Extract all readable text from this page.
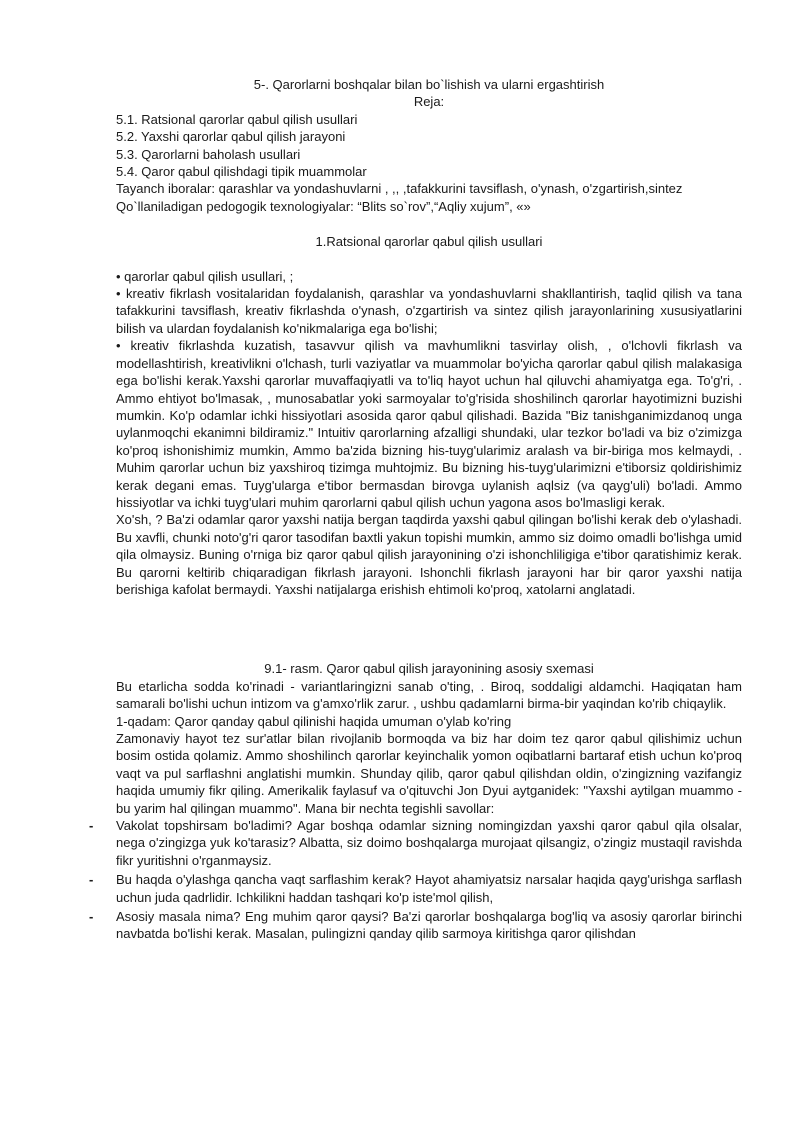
5-. Qarorlarni boshqalar bilan bo`lishish va ularni ergashtirish

Reja:

5.1. Ratsional qarorlar qabul qilish usullari

5.2. Yaxshi qarorlar qabul qilish jarayoni

5.3. Qarorlarni baholash usullari

5.4. Qaror qabul qilishdagi tipik muammolar

Tayanch iboralar: qarashlar va yondashuvlarni , ,, ,tafakkurini tavsiflash, o'ynash, o'zgartirish,sintez

Qo`llaniladigan pedogogik texnologiyalar: “Blits so`rov”,“Aqliy xujum”, «»

1.Ratsional qarorlar qabul qilish usullari

• qarorlar qabul qilish usullari, ;

• kreativ fikrlash vositalaridan foydalanish, qarashlar va yondashuvlarni shakllantirish, taqlid qilish va tana tafakkurini tavsiflash, kreativ fikrlashda o'ynash, o'zgartirish va sintez qilish jarayonlarining xususiyatlarini bilish va ulardan foydalanish ko'nikmalariga ega bo'lishi;

• kreativ fikrlashda kuzatish, tasavvur qilish va mavhumlikni tasvirlay olish, , o'lchovli fikrlash va modellashtirish, kreativlikni o'lchash, turli vaziyatlar va muammolar bo'yicha qarorlar qabul qilish malakasiga ega bo'lishi kerak.Yaxshi qarorlar muvaffaqiyatli va to'liq hayot uchun hal qiluvchi ahamiyatga ega. To'g'ri, . Ammo ehtiyot bo'lmasak, , munosabatlar yoki sarmoyalar to'g'risida shoshilinch qarorlar hayotimizni buzishi mumkin. Ko'p odamlar ichki hissiyotlari asosida qaror qabul qilishadi. Bazida "Biz tanishganimizdanoq unga uylanmoqchi ekanimni bildiramiz." Intuitiv qarorlarning afzalligi shundaki, ular tezkor bo'ladi va biz o'zimizga ko'proq ishonishimiz mumkin, Ammo ba'zida bizning his-tuyg'ularimiz aralash va bir-biriga mos kelmaydi, . Muhim qarorlar uchun biz yaxshiroq tizimga muhtojmiz. Bu bizning his-tuyg'ularimizni e'tiborsiz qoldirishimiz kerak degani emas. Tuyg'ularga e'tibor bermasdan birovga uylanish aqlsiz (va qayg'uli) bo'ladi. Ammo hissiyotlar va ichki tuyg'ulari muhim qarorlarni qabul qilish uchun yagona asos bo'lmasligi kerak.

Xo'sh, ? Ba'zi odamlar qaror yaxshi natija bergan taqdirda yaxshi qabul qilingan bo'lishi kerak deb o'ylashadi. Bu xavfli, chunki noto'g'ri qaror tasodifan baxtli yakun topishi mumkin, ammo siz doimo omadli bo'lishga umid qila olmaysiz. Buning o'rniga biz qaror qabul qilish jarayonining o'zi ishonchliligiga e'tibor qaratishimiz kerak. Bu qarorni keltirib chiqaradigan fikrlash jarayoni. Ishonchli fikrlash jarayoni har bir qaror yaxshi natija berishiga kafolat bermaydi. Yaxshi natijalarga erishish ehtimoli ko'proq, xatolarni anglatadi.

9.1- rasm. Qaror qabul qilish jarayonining asosiy sxemasi

Bu etarlicha sodda ko'rinadi - variantlaringizni sanab o'ting, . Biroq, soddaligi aldamchi. Haqiqatan ham samarali bo'lishi uchun intizom va g'amxo'rlik zarur. , ushbu qadamlarni birma-bir yaqindan ko'rib chiqaylik.

1-qadam: Qaror qanday qabul qilinishi haqida umuman o'ylab ko'ring

Zamonaviy hayot tez sur'atlar bilan rivojlanib bormoqda va biz har doim tez qaror qabul qilishimiz uchun bosim ostida qolamiz. Ammo shoshilinch qarorlar keyinchalik yomon oqibatlarni bartaraf etish uchun ko'proq vaqt va pul sarflashni anglatishi mumkin. Shunday qilib, qaror qabul qilishdan oldin, o'zingizning vazifangiz haqida umumiy fikr qiling. Amerikalik faylasuf va o'qituvchi Jon Dyui aytganidek: "Yaxshi aytilgan muammo - bu yarim hal qilingan muammo". Mana bir nechta tegishli savollar:

- Vakolat topshirsam bo'ladimi? Agar boshqa odamlar sizning nomingizdan yaxshi qaror qabul qila olsalar, nega o'zingizga yuk ko'tarasiz? Albatta, siz doimo boshqalarga murojaat qilsangiz, o'zingiz mustaqil ravishda fikr yuritishni o'rganmaysiz.
- Bu haqda o'ylashga qancha vaqt sarflashim kerak? Hayot ahamiyatsiz narsalar haqida qayg'urishga sarflash uchun juda qadrlidir. Ichkilikni haddan tashqari ko'p iste'mol qilish,
- Asosiy masala nima? Eng muhim qaror qaysi? Ba'zi qarorlar boshqalarga bog'liq va asosiy qarorlar birinchi navbatda bo'lishi kerak. Masalan, pulingizni qanday qilib sarmoya kiritishga qaror qilishdan
